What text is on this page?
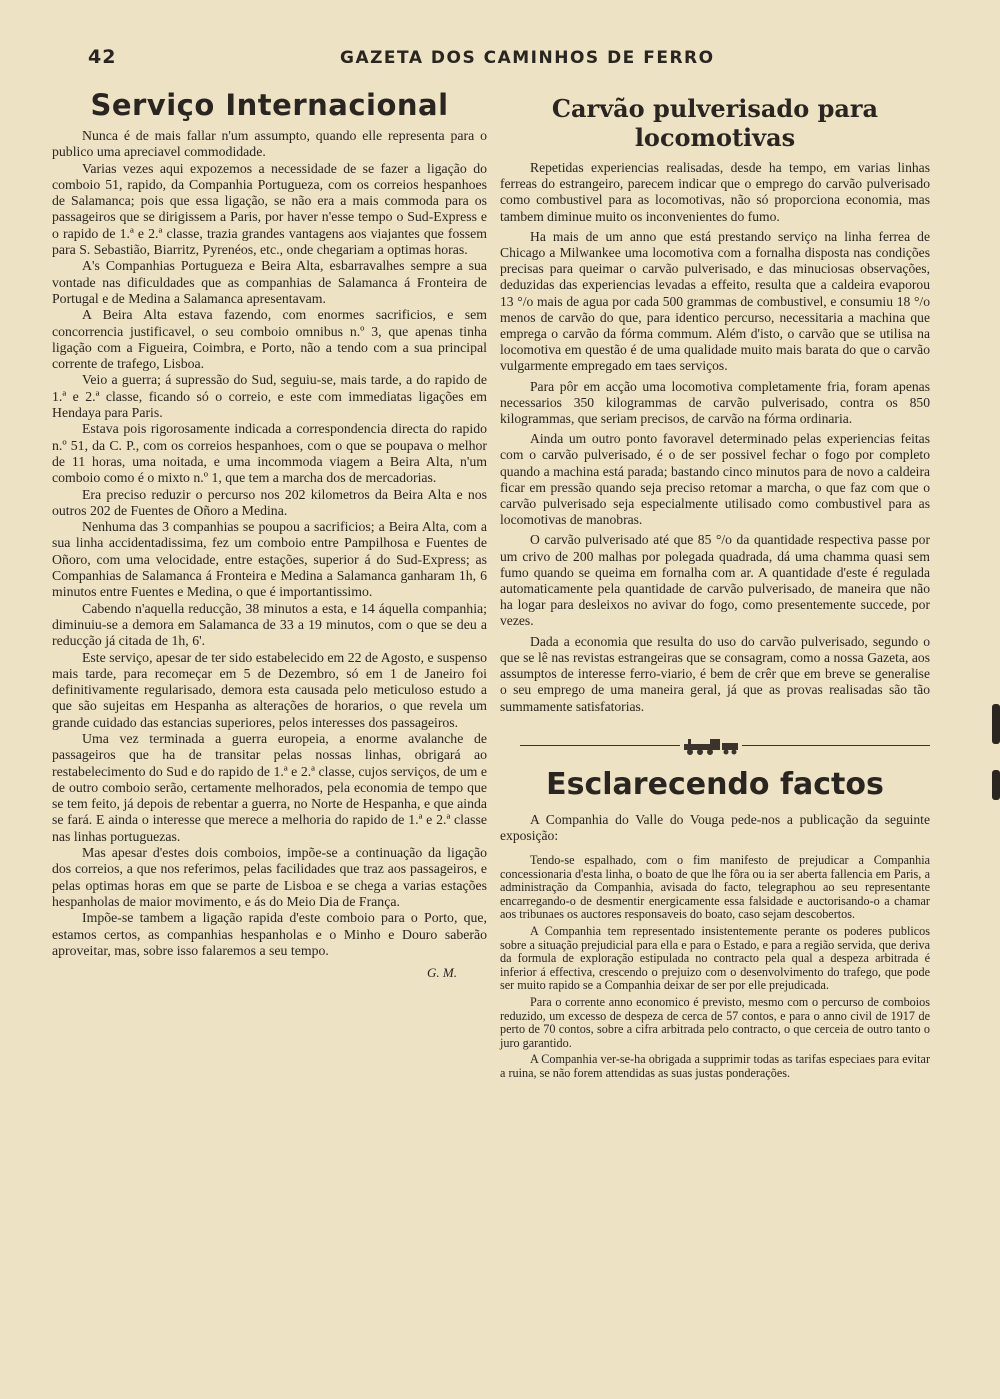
42	GAZETA DOS CAMINHOS DE FERRO
Serviço Internacional

Nunca é de mais fallar n'um assumpto, quando elle representa para o publico uma apreciavel commodidade.

Varias vezes aqui expozemos a necessidade de se fazer a ligação do comboio 51, rapido, da Companhia Portugueza, com os correios hespanhoes de Salamanca; pois que essa ligação, se não era a mais commoda para os passageiros que se dirigissem a Paris, por haver n'esse tempo o Sud-Express e o rapido de 1.ª e 2.ª classe, trazia grandes vantagens aos viajantes que fossem para S. Sebastião, Biarritz, Pyrenéos, etc., onde chegariam a optimas horas.

A's Companhias Portugueza e Beira Alta, esbarravalhes sempre a sua vontade nas dificuldades que as companhias de Salamanca á Fronteira de Portugal e de Medina a Salamanca apresentavam.

A Beira Alta estava fazendo, com enormes sacrificios, e sem concorrencia justificavel, o seu comboio omnibus n.º 3, que apenas tinha ligação com a Figueira, Coimbra, e Porto, não a tendo com a sua principal corrente de trafego, Lisboa.

Veio a guerra; á supressão do Sud, seguiu-se, mais tarde, a do rapido de 1.ª e 2.ª classe, ficando só o correio, e este com immediatas ligações em Hendaya para Paris.

Estava pois rigorosamente indicada a correspondencia directa do rapido n.º 51, da C. P., com os correios hespanhoes, com o que se poupava o melhor de 11 horas, uma noitada, e uma incommoda viagem a Beira Alta, n'um comboio como é o mixto n.º 1, que tem a marcha dos de mercadorias.

Era preciso reduzir o percurso nos 202 kilometros da Beira Alta e nos outros 202 de Fuentes de Oñoro a Medina.

Nenhuma das 3 companhias se poupou a sacrificios; a Beira Alta, com a sua linha accidentadissima, fez um comboio entre Pampilhosa e Fuentes de Oñoro, com uma velocidade, entre estações, superior á do Sud-Express; as Companhias de Salamanca á Fronteira e Medina a Salamanca ganharam 1h, 6 minutos entre Fuentes e Medina, o que é importantissimo.

Cabendo n'aquella reducção, 38 minutos a esta, e 14 áquella companhia; diminuiu-se a demora em Salamanca de 33 a 19 minutos, com o que se deu a reducção já citada de 1h, 6'.

Este serviço, apesar de ter sido estabelecido em 22 de Agosto, e suspenso mais tarde, para recomeçar em 5 de Dezembro, só em 1 de Janeiro foi definitivamente regularisado, demora esta causada pelo meticuloso estudo a que são sujeitas em Hespanha as alterações de horarios, o que revela um grande cuidado das estancias superiores, pelos interesses dos passageiros.

Uma vez terminada a guerra europeia, a enorme avalanche de passageiros que ha de transitar pelas nossas linhas, obrigará ao restabelecimento do Sud e do rapido de 1.ª e 2.ª classe, cujos serviços, de um e de outro comboio serão, certamente melhorados, pela economia de tempo que se tem feito, já depois de rebentar a guerra, no Norte de Hespanha, e que ainda se fará. E ainda o interesse que merece a melhoria do rapido de 1.ª e 2.ª classe nas linhas portuguezas.

Mas apesar d'estes dois comboios, impõe-se a continuação da ligação dos correios, a que nos referimos, pelas facilidades que traz aos passageiros, e pelas optimas horas em que se parte de Lisboa e se chega a varias estações hespanholas de maior movimento, e ás do Meio Dia de França.

Impõe-se tambem a ligação rapida d'este comboio para o Porto, que, estamos certos, as companhias hespanholas e o Minho e Douro saberão aproveitar, mas, sobre isso falaremos a seu tempo.

G. M.
Carvão pulverisado para locomotivas

Repetidas experiencias realisadas, desde ha tempo, em varias linhas ferreas do estrangeiro, parecem indicar que o emprego do carvão pulverisado como combustivel para as locomotivas, não só proporciona economia, mas tambem diminue muito os inconvenientes do fumo.

Ha mais de um anno que está prestando serviço na linha ferrea de Chicago a Milwankee uma locomotiva com a fornalha disposta nas condições precisas para queimar o carvão pulverisado, e das minuciosas observações, deduzidas das experiencias levadas a effeito, resulta que a caldeira evaporou 13 °/o mais de agua por cada 500 grammas de combustivel, e consumiu 18 °/o menos de carvão do que, para identico percurso, necessitaria a machina que emprega o carvão da fórma commum. Além d'isto, o carvão que se utilisa na locomotiva em questão é de uma qualidade muito mais barata do que o carvão vulgarmente empregado em taes serviços.

Para pôr em acção uma locomotiva completamente fria, foram apenas necessarios 350 kilogrammas de carvão pulverisado, contra os 850 kilogrammas, que seriam precisos, de carvão na fórma ordinaria.

Ainda um outro ponto favoravel determinado pelas experiencias feitas com o carvão pulverisado, é o de ser possivel fechar o fogo por completo quando a machina está parada; bastando cinco minutos para de novo a caldeira ficar em pressão quando seja preciso retomar a marcha, o que faz com que o carvão pulverisado seja especialmente utilisado como combustivel para as locomotivas de manobras.

O carvão pulverisado até que 85 °/o da quantidade respectiva passe por um crivo de 200 malhas por polegada quadrada, dá uma chamma quasi sem fumo quando se queima em fornalha com ar. A quantidade d'este é regulada automaticamente pela quantidade de carvão pulverisado, de maneira que não ha logar para desleixos no avivar do fogo, como presentemente succede, por vezes.

Dada a economia que resulta do uso do carvão pulverisado, segundo o que se lê nas revistas estrangeiras que se consagram, como a nossa Gazeta, aos assumptos de interesse ferro-viario, é bem de crêr que em breve se generalise o seu emprego de uma maneira geral, já que as provas realisadas são tão summamente satisfatorias.

Esclarecendo factos

A Companhia do Valle do Vouga pede-nos a publicação da seguinte exposição:

Tendo-se espalhado, com o fim manifesto de prejudicar a Companhia concessionaria d'esta linha, o boato de que lhe fôra ou ia ser aberta fallencia em Paris, a administração da Companhia, avisada do facto, telegraphou ao seu representante encarregando-o de desmentir energicamente essa falsidade e auctorisando-o a chamar aos tribunaes os auctores responsaveis do boato, caso sejam descobertos.

A Companhia tem representado insistentemente perante os poderes publicos sobre a situação prejudicial para ella e para o Estado, e para a região servida, que deriva da formula de exploração estipulada no contracto pela qual a despeza arbitrada é inferior á effectiva, crescendo o prejuizo com o desenvolvimento do trafego, que pode ser muito rapido se a Companhia deixar de ser por elle prejudicada.

Para o corrente anno economico é previsto, mesmo com o percurso de comboios reduzido, um excesso de despeza de cerca de 57 contos, e para o anno civil de 1917 de perto de 70 contos, sobre a cifra arbitrada pelo contracto, o que cerceia de outro tanto o juro garantido.

A Companhia ver-se-ha obrigada a supprimir todas as tarifas especiaes para evitar a ruina, se não forem attendidas as suas justas ponderações.
